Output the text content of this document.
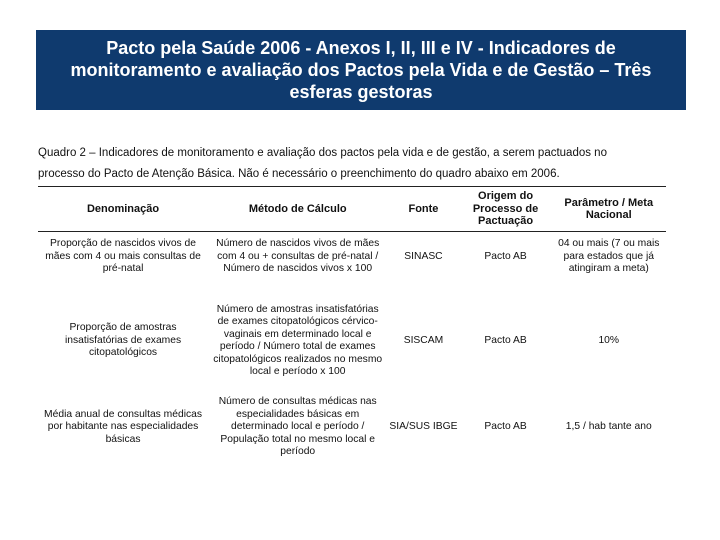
Pacto pela Saúde 2006 - Anexos I, II, III e IV - Indicadores de monitoramento e avaliação dos Pactos pela Vida e de Gestão – Três esferas gestoras
Quadro 2 – Indicadores de monitoramento e avaliação dos pactos pela vida e de gestão, a serem pactuados no
processo do Pacto de Atenção Básica. Não é necessário o preenchimento do quadro abaixo em 2006.
Denominação	Método de Cálculo	Fonte	Origem do Processo de Pactuação	Parâmetro / Meta Nacional
Proporção de nascidos vivos de mães com 4 ou mais consultas de pré-natal	Número de nascidos vivos de mães com 4 ou + consultas de pré-natal / Número de nascidos vivos x 100	SINASC	Pacto AB	04 ou mais (7 ou mais para estados que já atingiram a meta)
Proporção de amostras insatisfatórias de exames citopatológicos	Número de amostras insatisfatórias de exames citopatológicos cérvico-vaginais em determinado local e período / Número total de exames citopatológicos realizados no mesmo local e período x 100	SISCAM	Pacto AB	10%
Média anual de consultas médicas por habitante nas especialidades básicas	Número de consultas médicas nas especialidades básicas em determinado local e período / População total no mesmo local e período	SIA/SUS IBGE	Pacto AB	1,5 / hab tante ano
